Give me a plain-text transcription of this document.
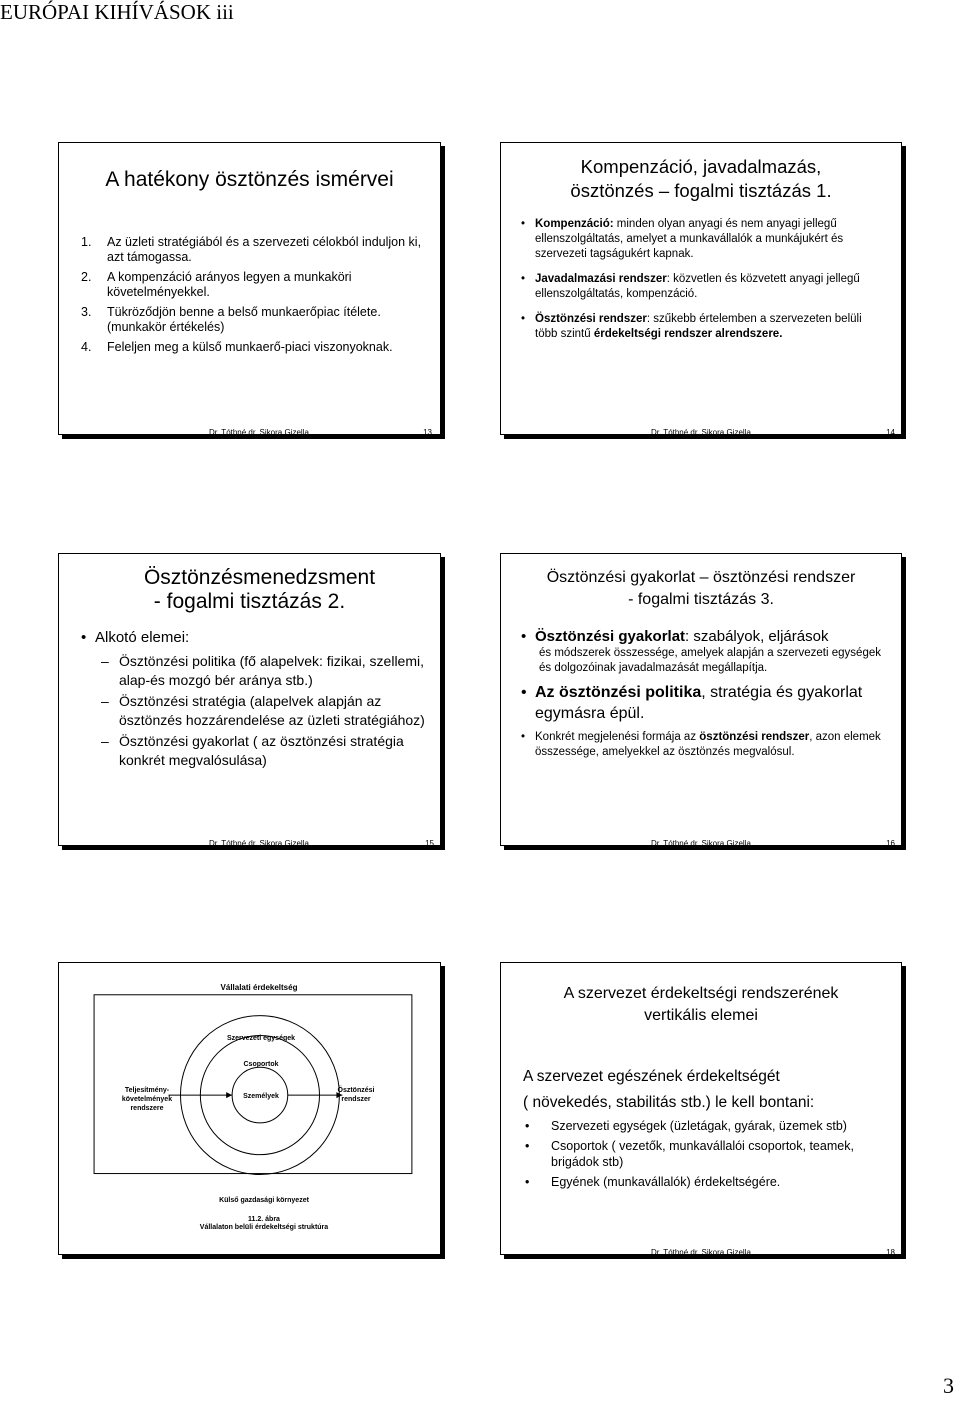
EURÓPAI KIHÍVÁSOK iii
A hatékony ösztönzés ismérvei
1. Az üzleti stratégiából és a szervezeti célokból induljon ki, azt támogassa.
2. A kompenzáció arányos legyen a munkaköri követelményekkel.
3. Tükröződjön benne a belső munkaerőpiac ítélete. (munkakör értékelés)
4. Feleljen meg a külső munkaerő-piaci viszonyoknak.
Dr. Tóthné dr. Sikora Gizella	13
Kompenzáció, javadalmazás,
ösztönzés – fogalmi tisztázás 1.
• Kompenzáció: minden olyan anyagi és nem anyagi jellegű ellenszolgáltatás, amelyet a munkavállalók a munkájukért és szervezeti tagságukért kapnak.
• Javadalmazási rendszer: közvetlen és közvetett anyagi jellegű ellenszolgáltatás, kompenzáció.
• Ösztönzési rendszer: szűkebb értelemben a szervezeten belüli több szintű érdekeltségi rendszer alrendszere.
Dr. Tóthné dr. Sikora Gizella	14
Ösztönzésmenedzsment
- fogalmi tisztázás 2.
• Alkotó elemei:
– Ösztönzési politika (fő alapelvek: fizikai, szellemi, alap-és mozgó bér aránya stb.)
– Ösztönzési stratégia (alapelvek alapján az ösztönzés hozzárendelése az üzleti stratégiához)
– Ösztönzési gyakorlat ( az ösztönzési stratégia konkrét megvalósulása)
Dr. Tóthné dr. Sikora Gizella	15
Ösztönzési gyakorlat – ösztönzési rendszer
- fogalmi tisztázás 3.
• Ösztönzési gyakorlat: szabályok, eljárások
és módszerek összessége, amelyek alapján a szervezeti egységek és dolgozóinak javadalmazását megállapítja.
• Az ösztönzési politika, stratégia és gyakorlat egymásra épül.
• Konkrét megjelenési formája az ösztönzési rendszer, azon elemek összessége, amelyekkel az ösztönzés megvalósul.
Dr. Tóthné dr. Sikora Gizella	16
Vállalati érdekeltség
Szervezeti egységek
Csoportok
Személyek
Teljesítmény-követelmények rendszere
Ösztönzési rendszer
Külső gazdasági környezet
11.2. ábra
Vállalaton belüli érdekeltségi struktúra
A szervezet érdekeltségi rendszerének
vertikális elemei
A szervezet egészének érdekeltségét
( növekedés, stabilitás stb.) le kell bontani:
• Szervezeti egységek (üzletágak, gyárak, üzemek stb)
• Csoportok ( vezetők, munkavállalói csoportok, teamek, brigádok stb)
• Egyének (munkavállalók) érdekeltségére.
Dr. Tóthné dr. Sikora Gizella	18
3
